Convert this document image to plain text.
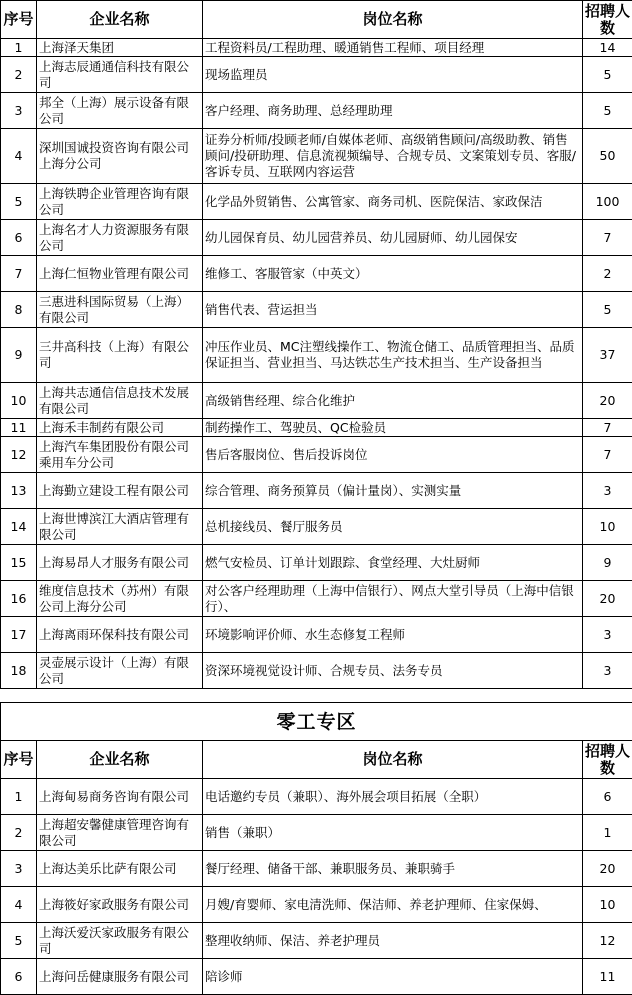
序号	企业名称	岗位名称	招聘人数
1	上海泽天集团	工程资料员/工程助理、暖通销售工程师、项目经理	14
2	上海志辰通通信科技有限公司	现场监理员	5
3	邦全（上海）展示设备有限公司	客户经理、商务助理、总经理助理	5
4	深圳国诚投资咨询有限公司上海分公司	证券分析师/投顾老师/自媒体老师、高级销售顾问/高级助教、销售顾问/投研助理、信息流视频编导、合规专员、文案策划专员、客服/客诉专员、互联网内容运营	50
5	上海铁聘企业管理咨询有限公司	化学品外贸销售、公寓管家、商务司机、医院保洁、家政保洁	100
6	上海名才人力资源服务有限公司	幼儿园保育员、幼儿园营养员、幼儿园厨师、幼儿园保安	7
7	上海仁恒物业管理有限公司	维修工、客服管家（中英文）	2
8	三惠进科国际贸易（上海）有限公司	销售代表、营运担当	5
9	三井高科技（上海）有限公司	冲压作业员、MC注塑线操作工、物流仓储工、品质管理担当、品质保证担当、营业担当、马达铁芯生产技术担当、生产设备担当	37
10	上海共志通信信息技术发展有限公司	高级销售经理、综合化维护	20
11	上海禾丰制药有限公司	制药操作工、驾驶员、QC检验员	7
12	上海汽车集团股份有限公司乘用车分公司	售后客服岗位、售后投诉岗位	7
13	上海勤立建设工程有限公司	综合管理、商务预算员（偏计量岗）、实测实量	3
14	上海世博滨江大酒店管理有限公司	总机接线员、餐厅服务员	10
15	上海易昂人才服务有限公司	燃气安检员、订单计划跟踪、食堂经理、大灶厨师	9
16	维度信息技术（苏州）有限公司上海分公司	对公客户经理助理（上海中信银行）、网点大堂引导员（上海中信银行）、	20
17	上海离雨环保科技有限公司	环境影响评价师、水生态修复工程师	3
18	灵壶展示设计（上海）有限公司	资深环境视觉设计师、合规专员、法务专员	3

零工专区			
序号	企业名称	岗位名称	招聘人数
1	上海甸易商务咨询有限公司	电话邀约专员（兼职）、海外展会项目拓展（全职）	6
2	上海超安馨健康管理咨询有限公司	销售（兼职）	1
3	上海达美乐比萨有限公司	餐厅经理、储备干部、兼职服务员、兼职骑手	20
4	上海筱好家政服务有限公司	月嫂/育婴师、家电清洗师、保洁师、养老护理师、住家保姆、	10
5	上海沃爱沃家政服务有限公司	整理收纳师、保洁、养老护理员	12
6	上海问岳健康服务有限公司	陪诊师	11
